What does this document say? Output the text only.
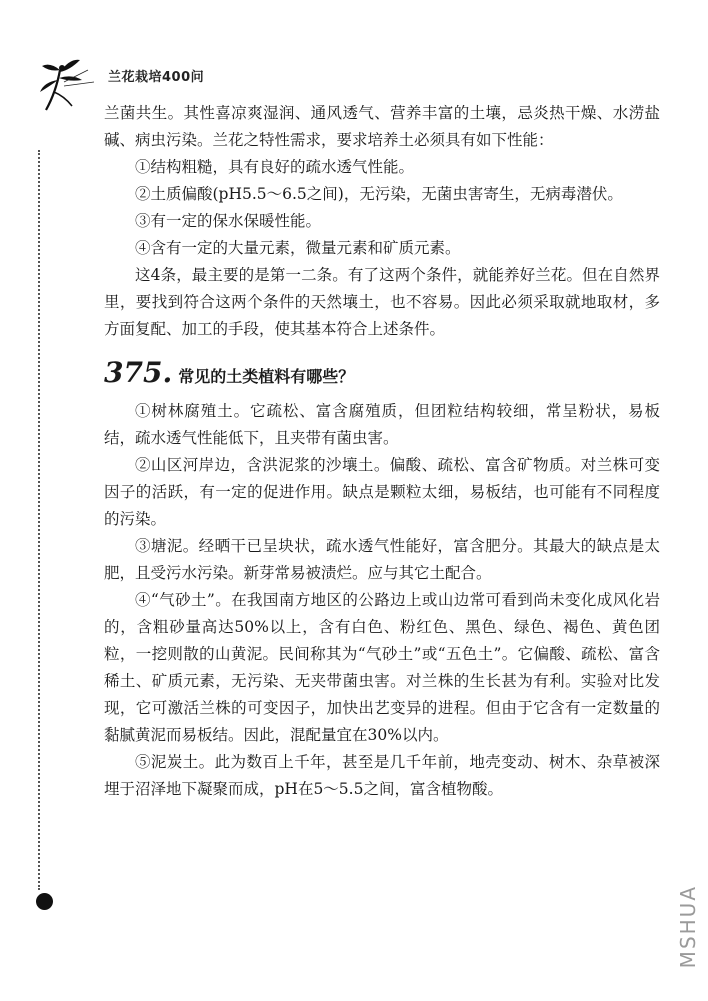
兰花栽培400问

兰菌共生。其性喜凉爽湿润、通风透气、营养丰富的土壤，忌炎热干燥、水涝盐碱、病虫污染。兰花之特性需求，要求培养土必须具有如下性能：

①结构粗糙，具有良好的疏水透气性能。

②土质偏酸(pH5.5～6.5之间)，无污染，无菌虫害寄生，无病毒潜伏。

③有一定的保水保暖性能。

④含有一定的大量元素，微量元素和矿质元素。

这4条，最主要的是第一二条。有了这两个条件，就能养好兰花。但在自然界里，要找到符合这两个条件的天然壤土，也不容易。因此必须采取就地取材，多方面复配、加工的手段，使其基本符合上述条件。

375. 常见的土类植料有哪些？

①树林腐殖土。它疏松、富含腐殖质，但团粒结构较细，常呈粉状，易板结，疏水透气性能低下，且夹带有菌虫害。

②山区河岸边，含洪泥浆的沙壤土。偏酸、疏松、富含矿物质。对兰株可变因子的活跃，有一定的促进作用。缺点是颗粒太细，易板结，也可能有不同程度的污染。

③塘泥。经晒干已呈块状，疏水透气性能好，富含肥分。其最大的缺点是太肥，且受污水污染。新芽常易被渍烂。应与其它土配合。

④“气砂土”。在我国南方地区的公路边上或山边常可看到尚未变化成风化岩的，含粗砂量高达50%以上，含有白色、粉红色、黑色、绿色、褐色、黄色团粒，一挖则散的山黄泥。民间称其为“气砂土”或“五色土”。它偏酸、疏松、富含稀土、矿质元素，无污染、无夹带菌虫害。对兰株的生长甚为有利。实验对比发现，它可激活兰株的可变因子，加快出艺变异的进程。但由于它含有一定数量的黏腻黄泥而易板结。因此，混配量宜在30%以内。

⑤泥炭土。此为数百上千年，甚至是几千年前，地壳变动、树木、杂草被深埋于沼泽地下凝聚而成，pH在5～5.5之间，富含植物酸。

MSHUA
